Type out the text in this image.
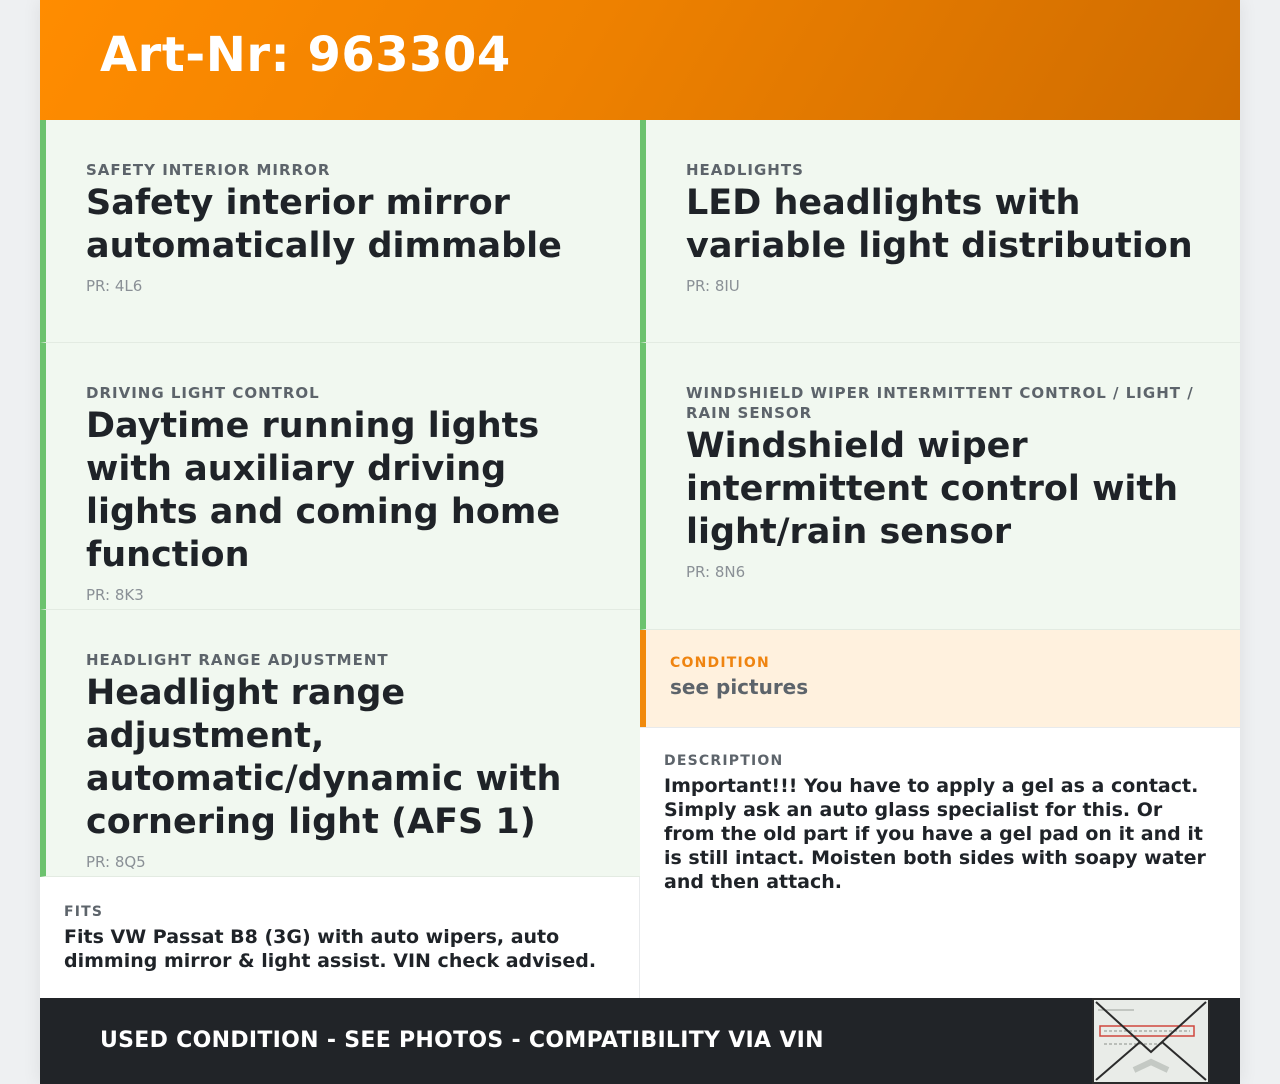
Art-Nr: 963304
SAFETY INTERIOR MIRROR
Safety interior mirror automatically dimmable
PR: 4L6
DRIVING LIGHT CONTROL
Daytime running lights with auxiliary driving lights and coming home function
PR: 8K3
HEADLIGHT RANGE ADJUSTMENT
Headlight range adjustment, automatic/dynamic with cornering light (AFS 1)
PR: 8Q5
HEADLIGHTS
LED headlights with variable light distribution
PR: 8IU
WINDSHIELD WIPER INTERMITTENT CONTROL / LIGHT / RAIN SENSOR
Windshield wiper intermittent control with light/rain sensor
PR: 8N6
FITS
Fits VW Passat B8 (3G) with auto wipers, auto dimming mirror & light assist. VIN check advised.
CONDITION
see pictures
DESCRIPTION
Important!!! You have to apply a gel as a contact. Simply ask an auto glass specialist for this. Or from the old part if you have a gel pad on it and it is still intact. Moisten both sides with soapy water and then attach.
USED CONDITION - SEE PHOTOS - COMPATIBILITY VIA VIN
